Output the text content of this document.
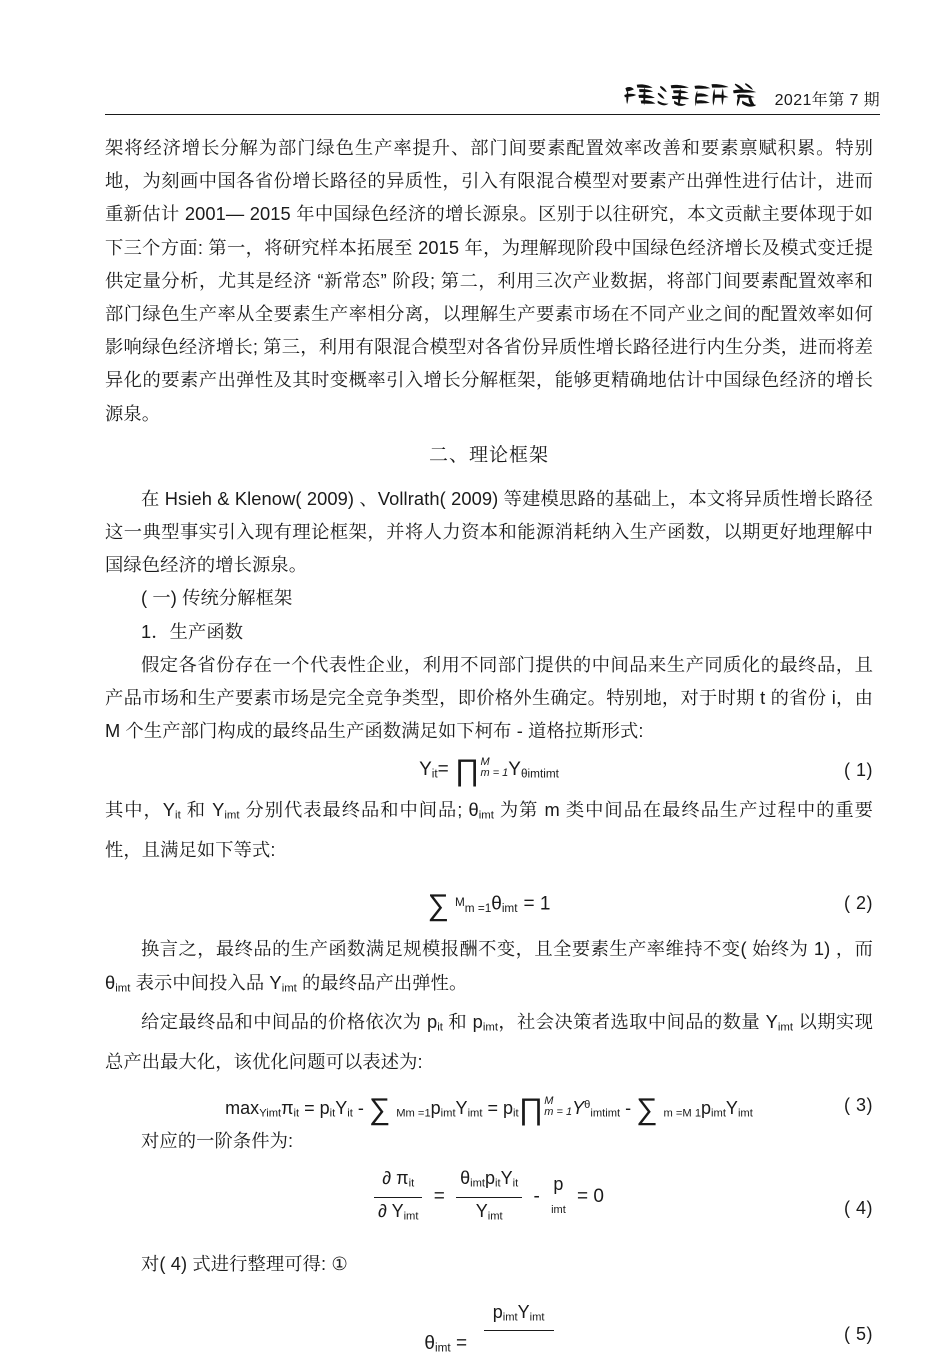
2021年第 7 期

架将经济增长分解为部门绿色生产率提升、部门间要素配置效率改善和要素禀赋积累。特别地，为刻画中国各省份增长路径的异质性，引入有限混合模型对要素产出弹性进行估计，进而重新估计 2001— 2015 年中国绿色经济的增长源泉。区别于以往研究，本文贡献主要体现于如下三个方面: 第一，将研究样本拓展至 2015 年，为理解现阶段中国绿色经济增长及模式变迁提供定量分析，尤其是经济 “新常态” 阶段; 第二，利用三次产业数据，将部门间要素配置效率和部门绿色生产率从全要素生产率相分离，以理解生产要素市场在不同产业之间的配置效率如何影响绿色经济增长; 第三，利用有限混合模型对各省份异质性增长路径进行内生分类，进而将差异化的要素产出弹性及其时变概率引入增长分解框架，能够更精确地估计中国绿色经济的增长源泉。

二、理论框架

在 Hsieh & Klenow( 2009) 、Vollrath( 2009) 等建模思路的基础上，本文将异质性增长路径这一典型事实引入现有理论框架，并将人力资本和能源消耗纳入生产函数，以期更好地理解中国绿色经济的增长源泉。

( 一) 传统分解框架

1．生产函数

假定各省份存在一个代表性企业，利用不同部门提供的中间品来生产同质化的最终品，且产品市场和生产要素市场是完全竞争类型，即价格外生确定。特别地，对于时期 t 的省份 i，由 M 个生产部门构成的最终品生产函数满足如下柯布 - 道格拉斯形式:

$Y_{it}=$ ∏ M
m = 1 $Y_{\theta imtimt}$	( 1)

其中，$Y_{it}$ 和 $Y_{imt}$ 分别代表最终品和中间品; $\theta_{imt}$ 为第 m 类中间品在最终品生产过程中的重要性，且满足如下等式:

∑ $^M_{m =1}\theta_{imt} = 1$	( 2)

换言之，最终品的生产函数满足规模报酬不变，且全要素生产率维持不变( 始终为 1) ，而 $\theta_{imt}$ 表示中间投入品 $Y_{imt}$ 的最终品产出弹性。

给定最终品和中间品的价格依次为 $p_{it}$ 和 $p_{imt}$，社会决策者选取中间品的数量 $Y_{imt}$ 以期实现总产出最大化，该优化问题可以表述为:

$\max_{Yimt}\pi_{it} = p_{it}Y_{it}$ - ∑ $_{Mm =1}p_{imt}Y_{imt}$ = $p_{it}\prod$ M
m = 1 $Y^\theta_{imtimt}$ - ∑ $_{m =M 1}p_{imt}Y_{imt}$	( 3)

对应的一阶条件为:

$\frac{\partial \pi_{it}}{\partial Y_{imt}} = \frac{\theta_{imt}p_{it}Y_{it}}{Y_{imt}}$ -
p
imt
= 0
( 4)

对( 4) 式进行整理可得: ①

$\theta_{imt}$ =
$p_{imt}Y_{imt}$

( 5)
